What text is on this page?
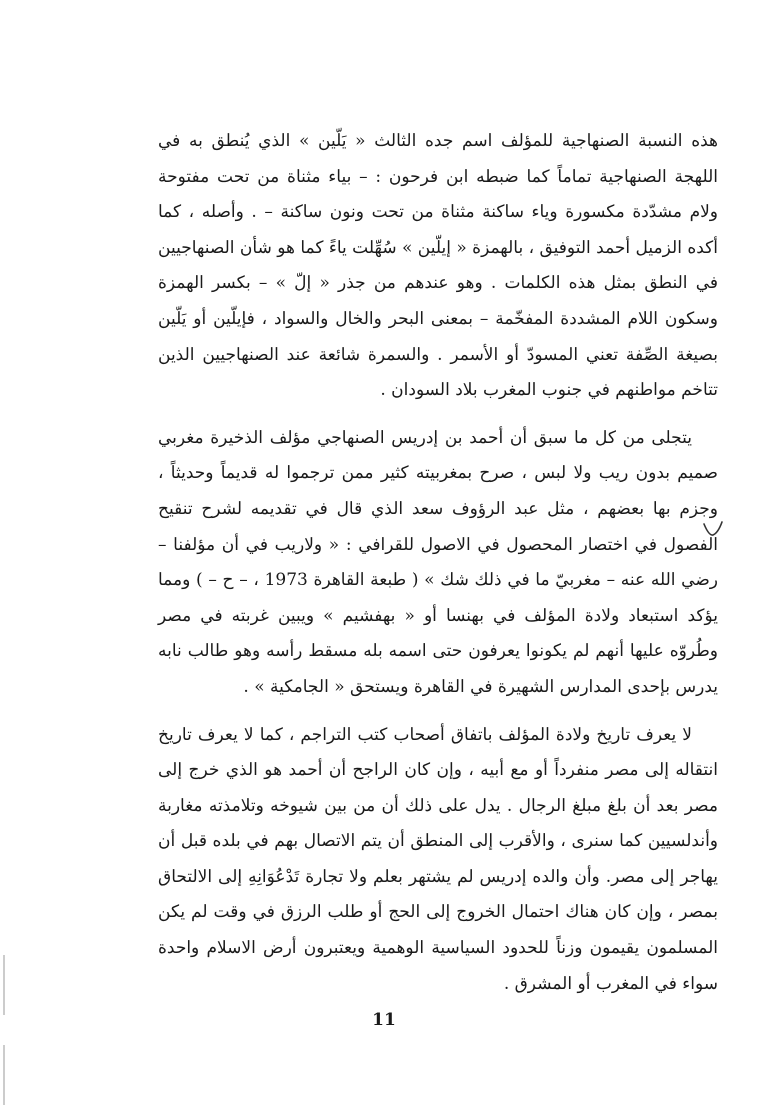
هذه النسبة الصنهاجية للمؤلف اسم جده الثالث « يَلّين » الذي يُنطق به في اللهجة الصنهاجية تماماً كما ضبطه ابن فرحون : – بياء مثناة من تحت مفتوحة ولام مشدّدة مكسورة وياء ساكنة مثناة من تحت ونون ساكنة – . وأصله ، كما أكده الزميل أحمد التوفيق ، بالهمزة « إيلّين » سُهِّلت ياءً كما هو شأن الصنهاجيين في النطق بمثل هذه الكلمات . وهو عندهم من جذر « إلّ » – بكسر الهمزة وسكون اللام المشددة المفخّمة – بمعنى البحر والخال والسواد ، فإيلّين أو يَلّين بصيغة الصِّفة تعني المسودّ أو الأسمر . والسمرة شائعة عند الصنهاجيين الذين تتاخم مواطنهم في جنوب المغرب بلاد السودان .

يتجلى من كل ما سبق أن أحمد بن إدريس الصنهاجي مؤلف الذخيرة مغربي صميم بدون ريب ولا لبس ، صرح بمغربيته كثير ممن ترجموا له قديماً وحديثاً ، وجزم بها بعضهم ، مثل عبد الرؤوف سعد الذي قال في تقديمه لشرح تنقيح الفصول في اختصار المحصول في الاصول للقرافي : « ولاريب في أن مؤلفنا – رضي الله عنه – مغربيّ ما في ذلك شك » ( طبعة القاهرة 1973 ، – ح – ) ومما يؤكد استبعاد ولادة المؤلف في بهنسا أو « بهفشيم » ويبين غربته في مصر وطُروّه عليها أنهم لم يكونوا يعرفون حتى اسمه بله مسقط رأسه وهو طالب نابه يدرس بإحدى المدارس الشهيرة في القاهرة ويستحق « الجامكية » .

لا يعرف تاريخ ولادة المؤلف باتفاق أصحاب كتب التراجم ، كما لا يعرف تاريخ انتقاله إلى مصر منفرداً أو مع أبيه ، وإن كان الراجح أن أحمد هو الذي خرج إلى مصر بعد أن بلغ مبلغ الرجال . يدل على ذلك أن من بين شيوخه وتلامذته مغاربة وأندلسيين كما سنرى ، والأقرب إلى المنطق أن يتم الاتصال بهم في بلده قبل أن يهاجر إلى مصر. وأن والده إدريس لم يشتهر بعلم ولا تجارة تَدْعُوَانِهِ إلى الالتحاق بمصر ، وإن كان هناك احتمال الخروج إلى الحج أو طلب الرزق في وقت لم يكن المسلمون يقيمون وزناً للحدود السياسية الوهمية ويعتبرون أرض الاسلام واحدة سواء في المغرب أو المشرق .

11
